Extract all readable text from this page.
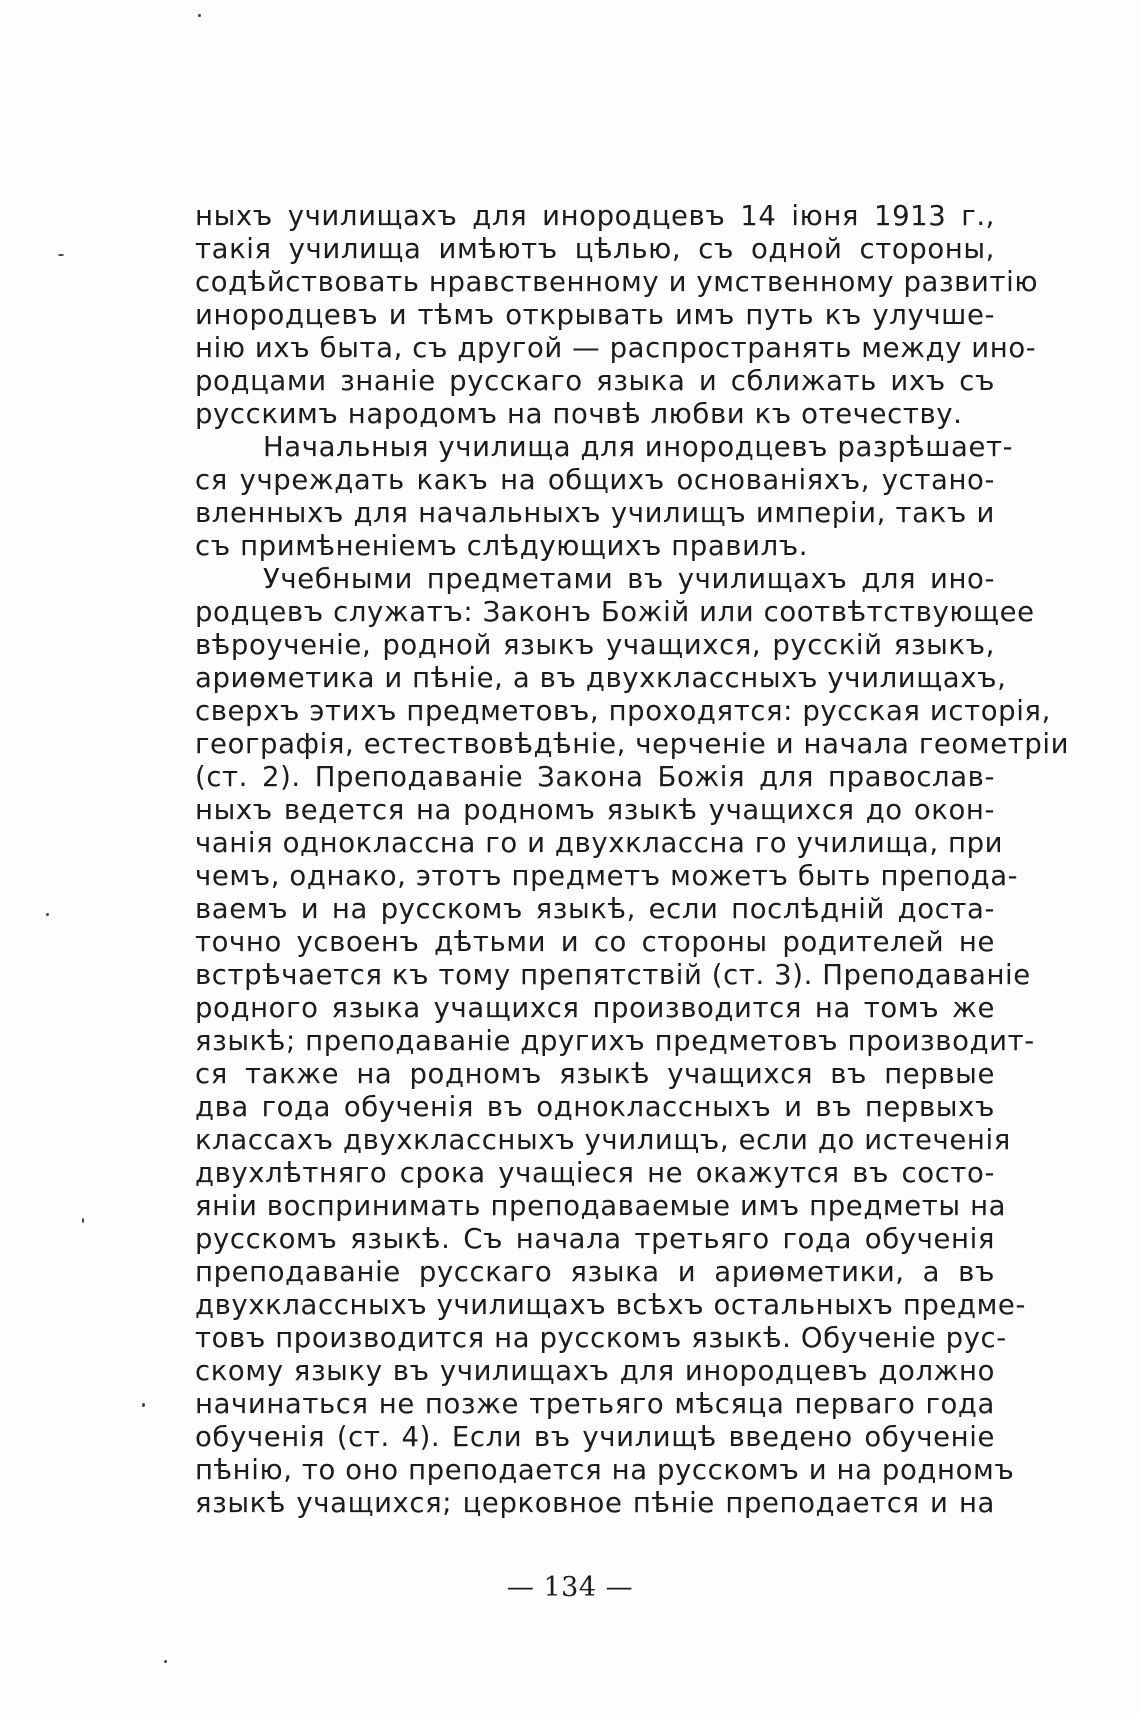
ныхъ училищахъ для инородцевъ 14 іюня 1913 г.,
такія училища имѣютъ цѣлью, съ одной стороны,
содѣйствовать нравственному и умственному развитію
инородцевъ и тѣмъ открывать имъ путь къ улучше-
нію ихъ быта, съ другой — распространять между ино-
родцами знаніе русскаго языка и сближать ихъ съ
русскимъ народомъ на почвѣ любви къ отечеству.
Начальныя училища для инородцевъ разрѣшает-
ся учреждать какъ на общихъ основаніяхъ, устано-
вленныхъ для начальныхъ училищъ имперіи, такъ и
съ примѣненіемъ слѣдующихъ правилъ.
Учебными предметами въ училищахъ для ино-
родцевъ служатъ: Законъ Божій или соотвѣтствующее
вѣроученіе, родной языкъ учащихся, русскій языкъ,
ариѳметика и пѣніе, а въ двухклассныхъ училищахъ,
сверхъ этихъ предметовъ, проходятся: русская исторія,
географія, естествовѣдѣніе, черченіе и начала геометріи
(ст. 2). Преподаваніе Закона Божія для православ-
ныхъ ведется на родномъ языкѣ учащихся до окон-
чанія одноклассна го и двухклассна го училища, при
чемъ, однако, этотъ предметъ можетъ быть препода-
ваемъ и на русскомъ языкѣ, если послѣдній доста-
точно усвоенъ дѣтьми и со стороны родителей не
встрѣчается къ тому препятствій (ст. 3). Преподаваніе
родного языка учащихся производится на томъ же
языкѣ; преподаваніе другихъ предметовъ производит-
ся также на родномъ языкѣ учащихся въ первые
два года обученія въ одноклассныхъ и въ первыхъ
классахъ двухклассныхъ училищъ, если до истеченія
двухлѣтняго срока учащіеся не окажутся въ состо-
яніи воспринимать преподаваемые имъ предметы на
русскомъ языкѣ. Съ начала третьяго года обученія
преподаваніе русскаго языка и ариѳметики, а въ
двухклассныхъ училищахъ всѣхъ остальныхъ предме-
товъ производится на русскомъ языкѣ. Обученіе рус-
скому языку въ училищахъ для инородцевъ должно
начинаться не позже третьяго мѣсяца перваго года
обученія (ст. 4). Если въ училищѣ введено обученіе
пѣнію, то оно преподается на русскомъ и на родномъ
языкѣ учащихся; церковное пѣніе преподается и на
— 134 —
